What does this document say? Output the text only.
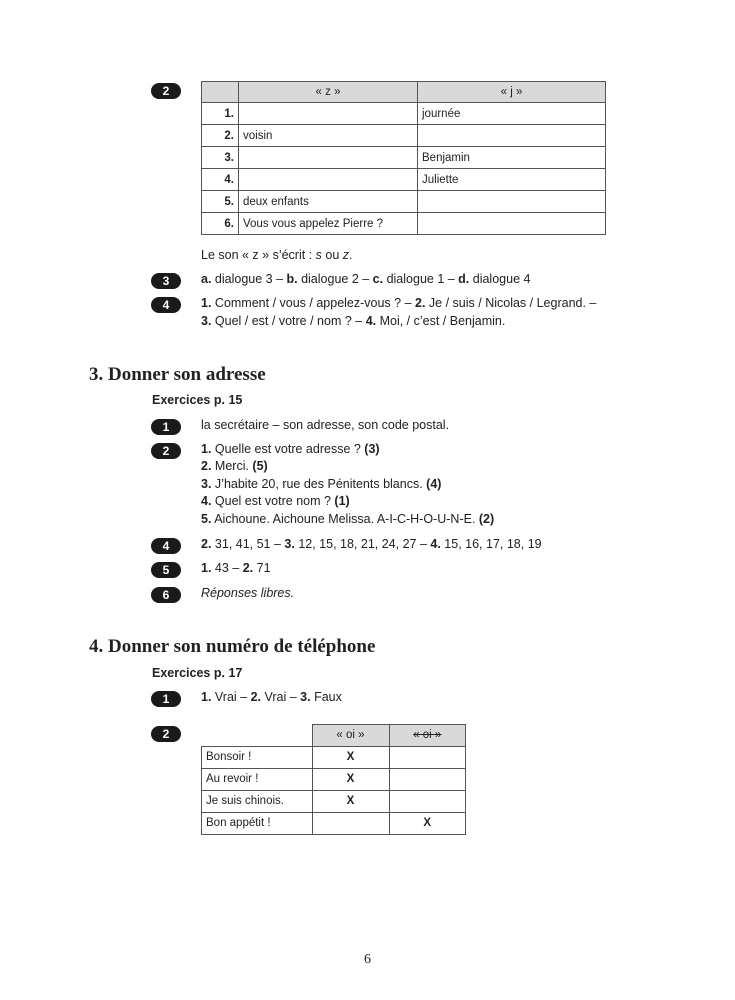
2
		« z »	« j »
1.		journée
2.	voisin	
3.		Benjamin
4.		Juliette
5.	deux enfants	
6.	Vous vous appelez Pierre ?	
Le son « z » s’écrit : s ou z.
3	a. dialogue 3 – b. dialogue 2 – c. dialogue 1 – d. dialogue 4
4	1. Comment / vous / appelez-vous ? – 2. Je / suis / Nicolas / Legrand. –
3. Quel / est / votre / nom ? – 4. Moi, / c’est / Benjamin.
3. Donner son adresse
Exercices p. 15
1	la secrétaire – son adresse, son code postal.
2	1. Quelle est votre adresse ? (3)
2. Merci. (5)
3. J’habite 20, rue des Pénitents blancs. (4)
4. Quel est votre nom ? (1)
5. Aichoune. Aichoune Melissa. A-I-C-H-O-U-N-E. (2)
4	2. 31, 41, 51 – 3. 12, 15, 18, 21, 24, 27 – 4. 15, 16, 17, 18, 19
5	1. 43 – 2. 71
6	Réponses libres.
4. Donner son numéro de téléphone
Exercices p. 17
1	1. Vrai – 2. Vrai – 3. Faux
2
		« oi »	« oi »
Bonsoir !	X	
Au revoir !	X	
Je suis chinois.	X	
Bon appétit !		X
6
